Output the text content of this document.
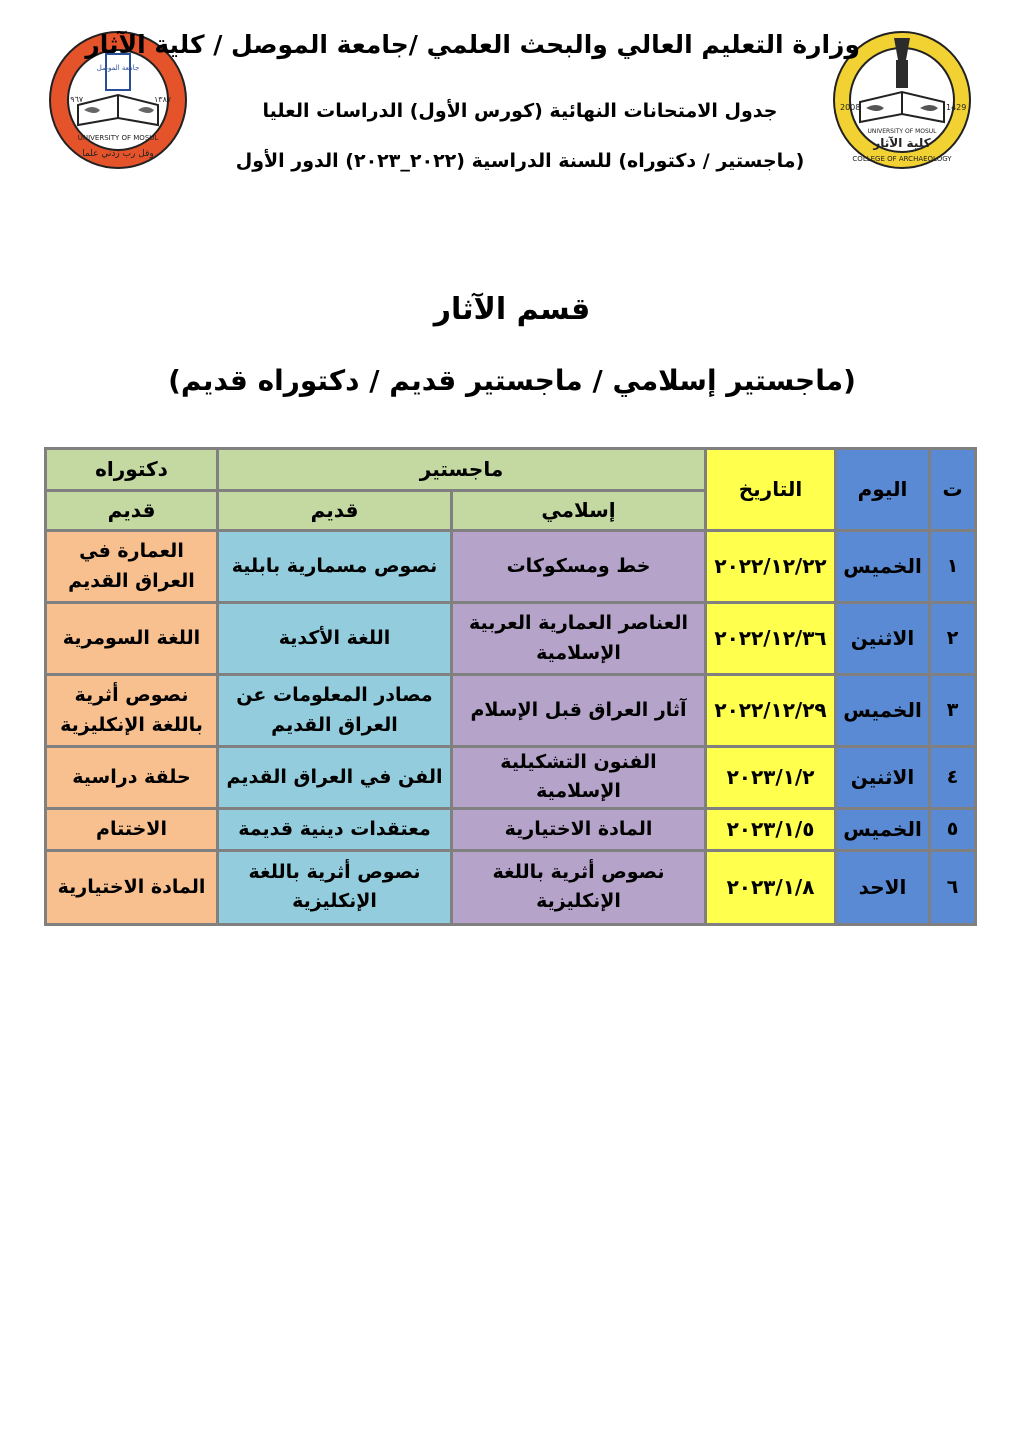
جامعة الموصل
UNIVERSITY OF MOSUL
وقل رب زدني علما
١٩٦٧	١٣٨٧
UNIVERSITY OF MOSUL
كلية الآثار
COLLEGE OF ARCHAEOLOGY
2008	1429
وزارة التعليم العالي والبحث العلمي /جامعة الموصل / كلية الآثار
جدول الامتحانات النهائية (كورس الأول) الدراسات العليا
(ماجستير / دكتوراه) للسنة الدراسية (٢٠٢٢_٢٠٢٣) الدور الأول
قسم الآثار
(ماجستير إسلامي / ماجستير قديم / دكتوراه قديم)
ت	اليوم	التاريخ	ماجستير		دكتوراه
			إسلامي	قديم	قديم
١	الخميس	٢٠٢٢/١٢/٢٢	خط ومسكوكات	نصوص مسمارية بابلية	العمارة في العراق القديم
٢	الاثنين	٢٠٢٢/١٢/٣٦	العناصر العمارية العربية الإسلامية	اللغة الأكدية	اللغة السومرية
٣	الخميس	٢٠٢٢/١٢/٢٩	آثار العراق قبل الإسلام	مصادر المعلومات عن العراق القديم	نصوص أثرية باللغة الإنكليزية
٤	الاثنين	٢٠٢٣/١/٢	الفنون التشكيلية الإسلامية	الفن في العراق القديم	حلقة دراسية
٥	الخميس	٢٠٢٣/١/٥	المادة الاختيارية	معتقدات دينية قديمة	الاختتام
٦	الاحد	٢٠٢٣/١/٨	نصوص أثرية باللغة الإنكليزية	نصوص أثرية باللغة الإنكليزية	المادة الاختيارية
